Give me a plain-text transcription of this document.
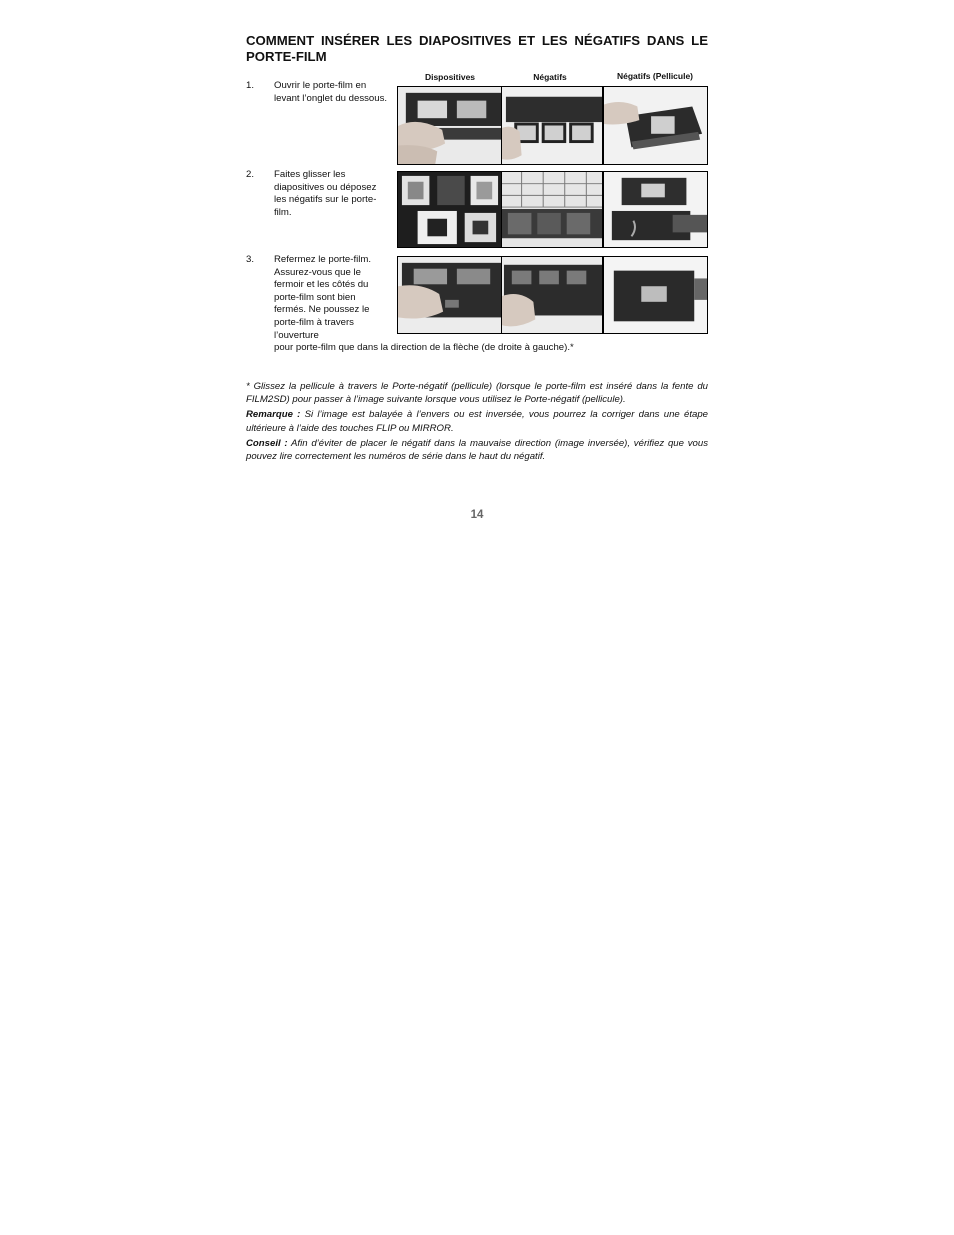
COMMENT INSÉRER LES DIAPOSITIVES ET LES NÉGATIFS DANS LE PORTE-FILM
Dispositives	Négatifs	Négatifs (Pellicule)
1. Ouvrir le porte-film en levant l’onglet du dessous.
2. Faites glisser les diapositives ou déposez les négatifs sur le porte-film.
3. Refermez le porte-film. Assurez-vous que le fermoir et les côtés du porte-film sont bien fermés. Ne poussez le porte-film à travers l’ouverture
pour porte-film que dans la direction de la flèche (de droite à gauche).*

* Glissez la pellicule à travers le Porte-négatif (pellicule) (lorsque le porte-film est inséré dans la fente du FILM2SD) pour passer à l’image suivante lorsque vous utilisez le Porte-négatif (pellicule).

Remarque : Si l’image est balayée à l’envers ou est inversée, vous pourrez la corriger dans une étape ultérieure à l’aide des touches FLIP ou MIRROR.

Conseil : Afin d’éviter de placer le négatif dans la mauvaise direction (image inversée), vérifiez que vous pouvez lire correctement les numéros de série dans le haut du négatif.

14
